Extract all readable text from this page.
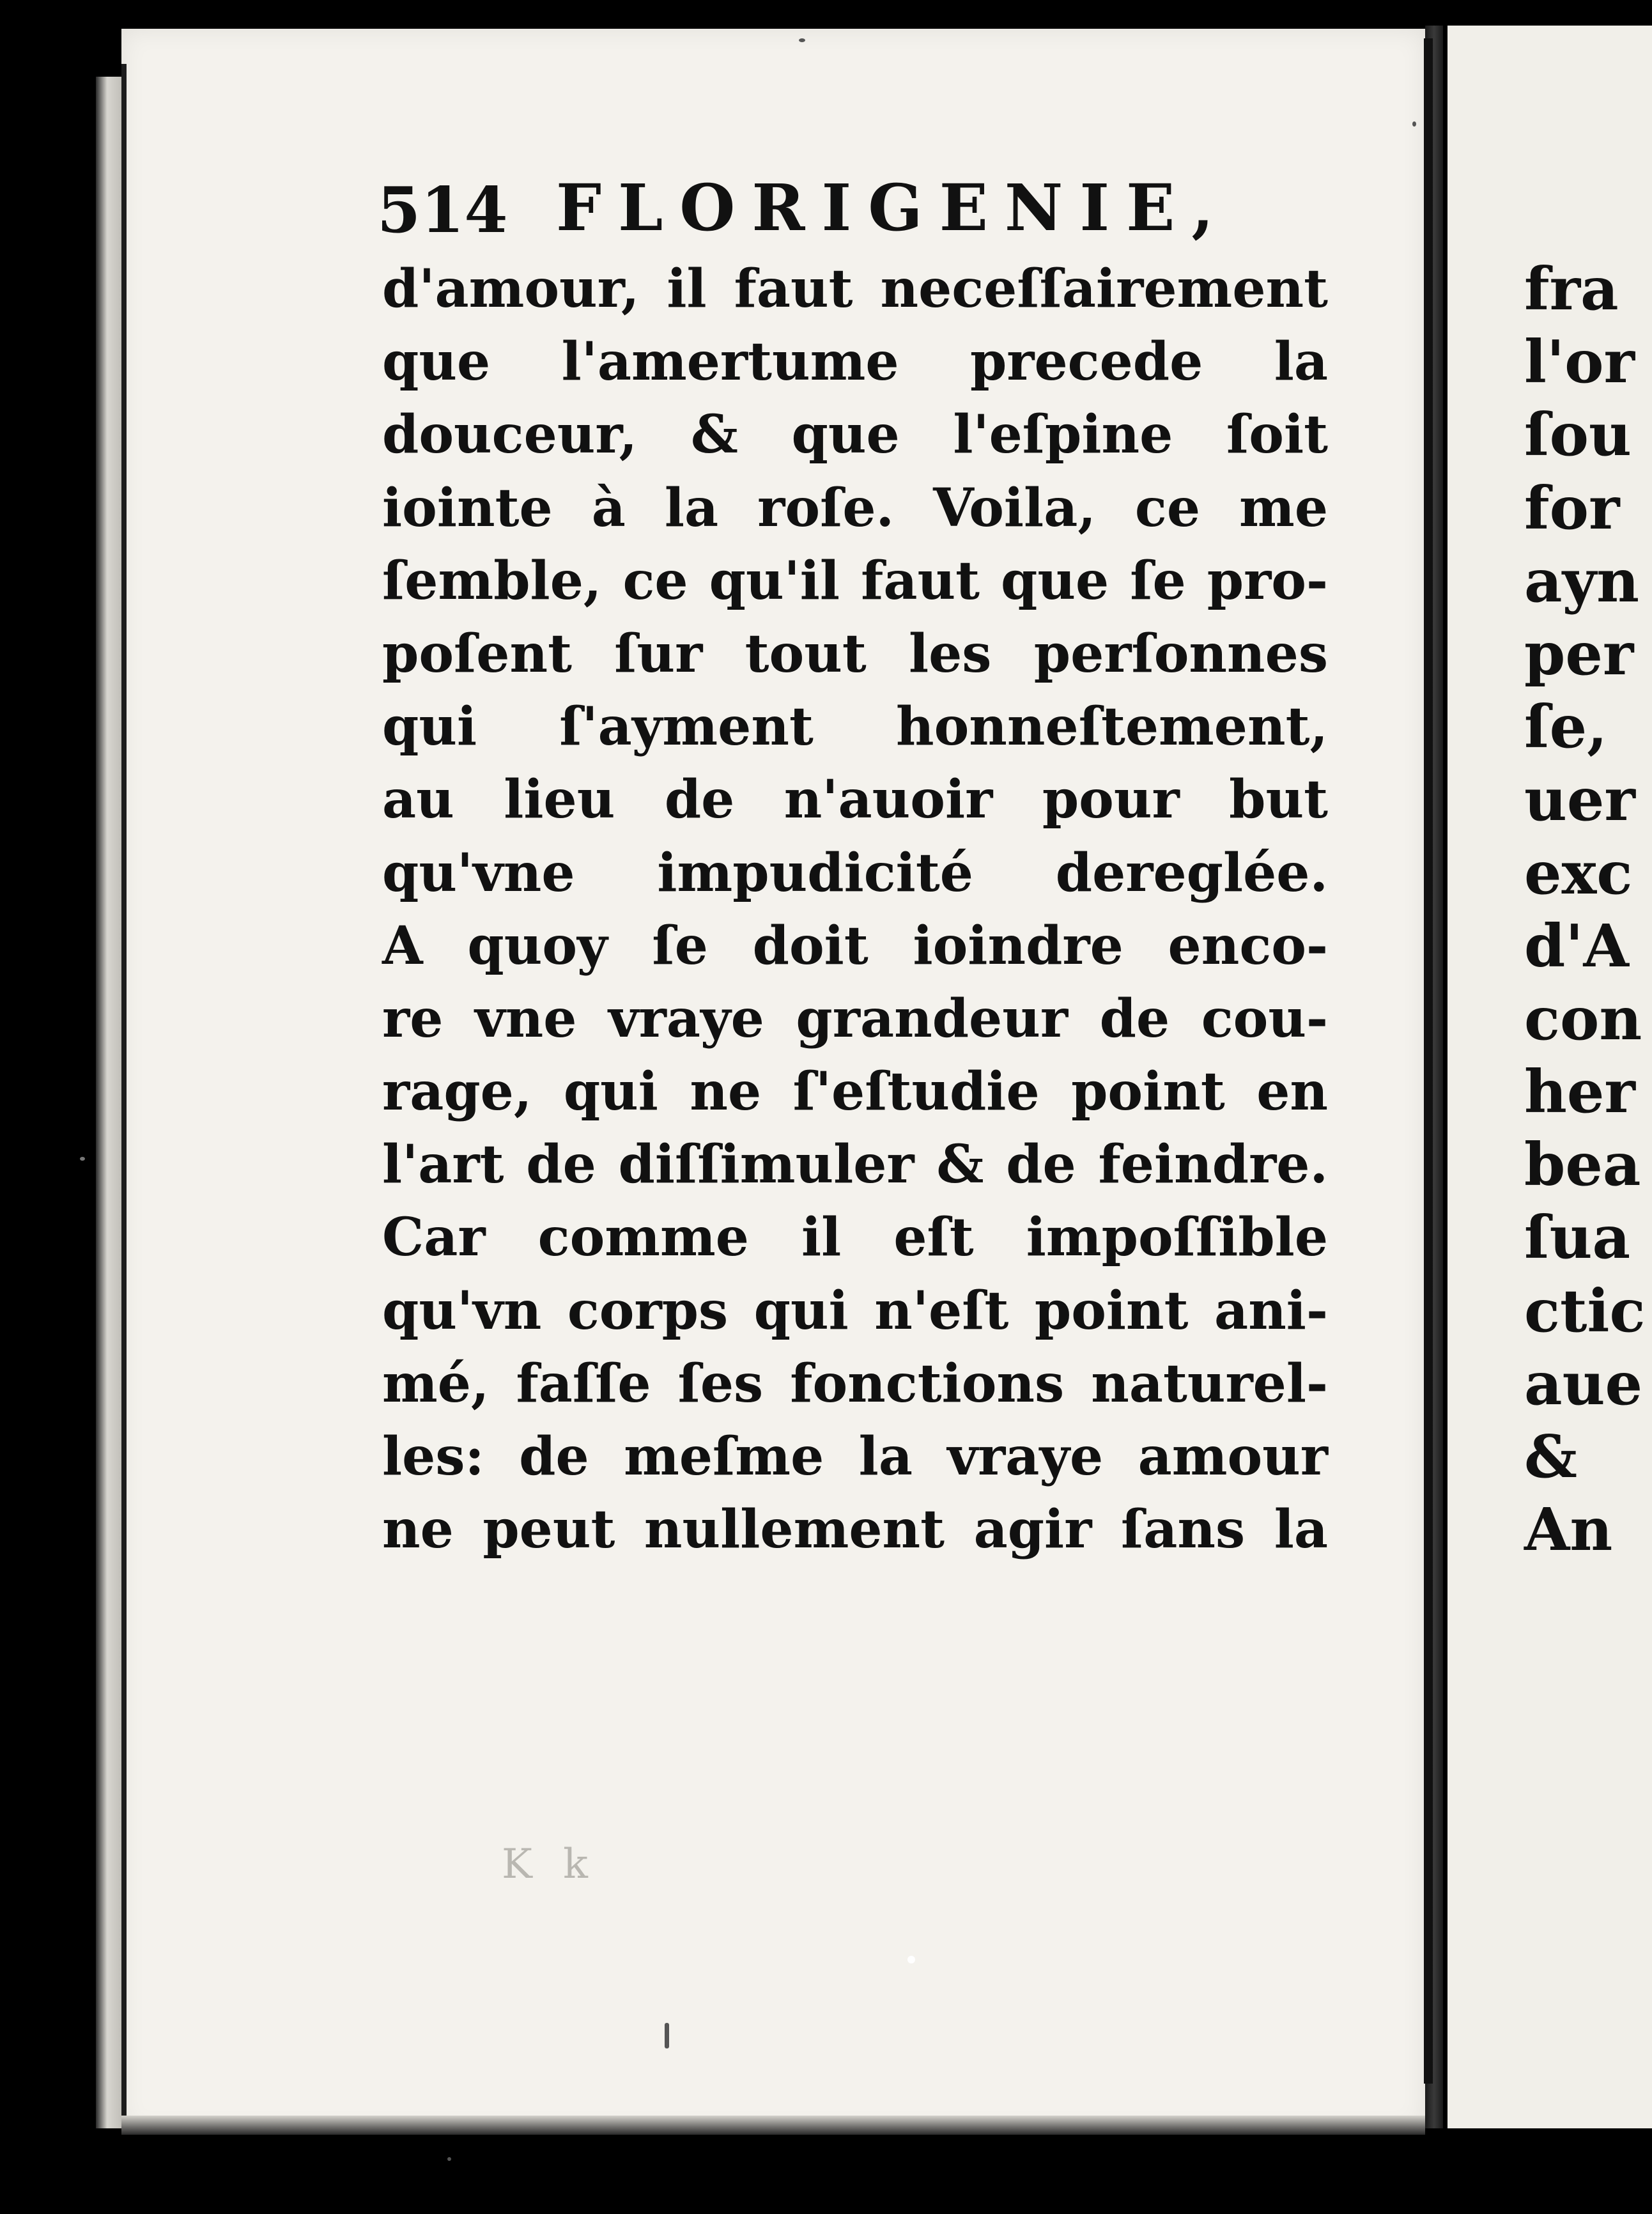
fra
l'or
ſou
for
ayn
per
ſe,
uer
exc
d'A
con
her
bea
ſua
ctic
aue
&
An
514 FLORIGENIE,
d'amour, il faut neceſſairement
que l'amertume precede la
douceur, & que l'eſpine ſoit
iointe à la roſe. Voila, ce me
ſemble, ce qu'il faut que ſe pro-
poſent ſur tout les perſonnes
qui ſ'ayment honneſtement,
au lieu de n'auoir pour but
qu'vne impudicité dereglée.
A quoy ſe doit ioindre enco-
re vne vraye grandeur de cou-
rage, qui ne ſ'eſtudie point en
l'art de diſſimuler & de feindre.
Car comme il eſt impoſſible
qu'vn corps qui n'eſt point ani-
mé, faſſe ſes fonctions naturel-
les: de meſme la vraye amour
ne peut nullement agir ſans la
K k
